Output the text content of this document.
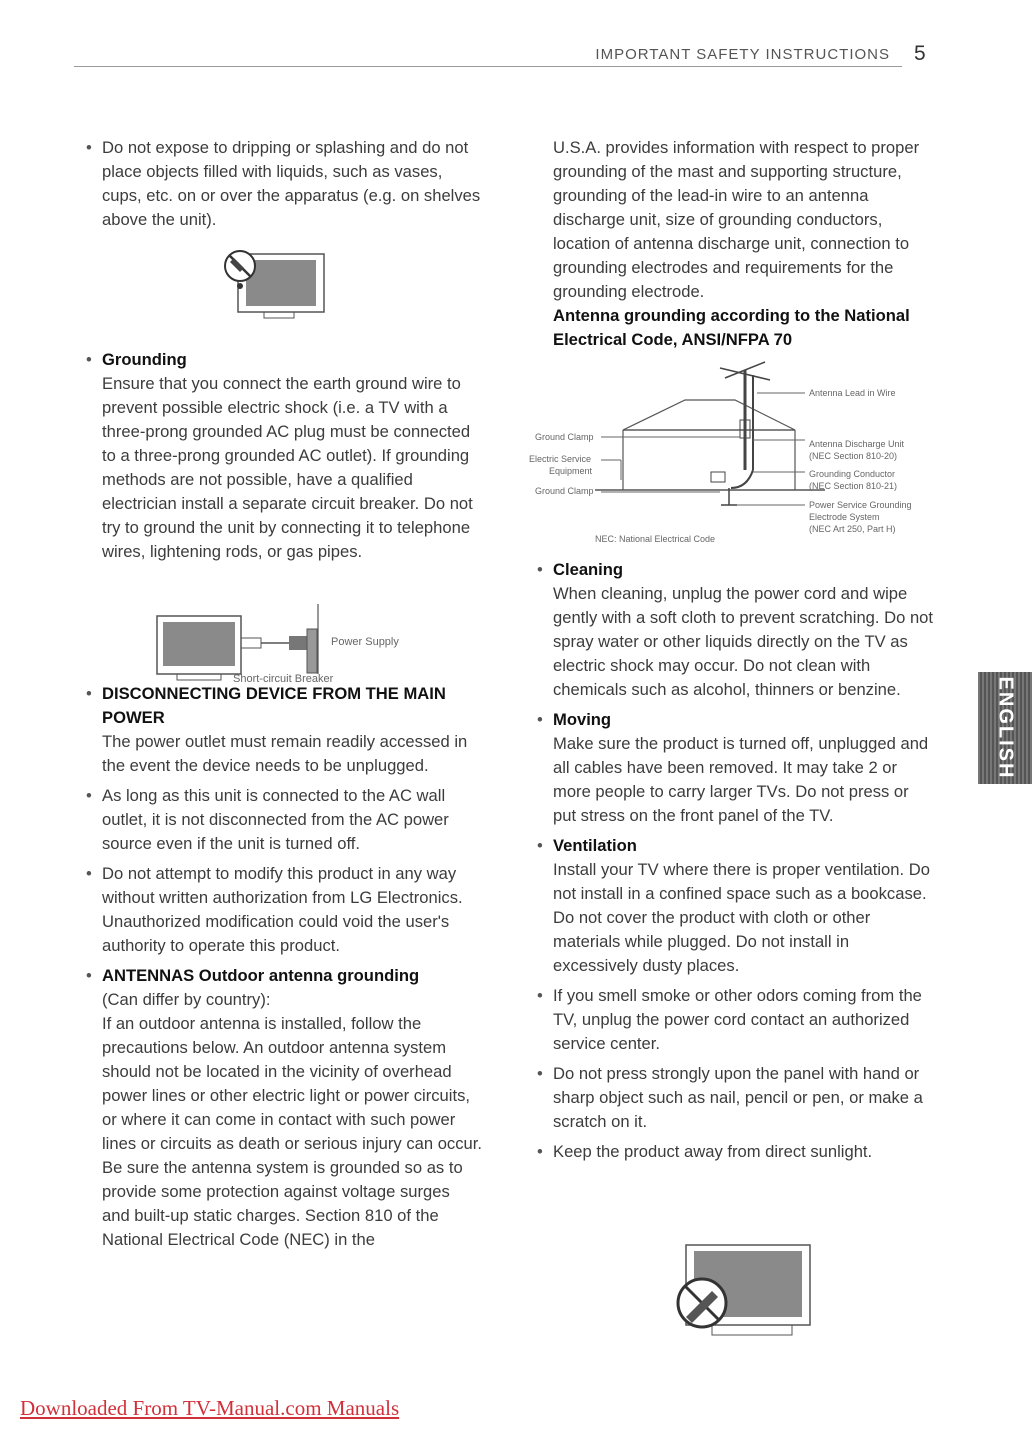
IMPORTANT SAFETY INSTRUCTIONS 5
• Do not expose to dripping or splashing and do not place objects filled with liquids, such as vases, cups, etc. on or over the apparatus (e.g. on shelves above the unit).

• Grounding

Ensure that you connect the earth ground wire to prevent possible electric shock (i.e. a TV with a three-prong grounded AC plug must be connected to a three-prong grounded AC outlet). If grounding methods are not possible, have a qualified electrician install a separate circuit breaker. Do not try to ground the unit by connecting it to telephone wires, lightening rods, or gas pipes.

• DISCONNECTING DEVICE FROM THE MAIN POWER

The power outlet must remain readily accessed in the event the device needs to be unplugged.

• As long as this unit is connected to the AC wall outlet, it is not disconnected from the AC power source even if the unit is turned off.

• Do not attempt to modify this product in any way without written authorization from LG Electronics. Unauthorized modification could void the user's authority to operate this product.

• ANTENNAS Outdoor antenna grounding

(Can differ by country):
If an outdoor antenna is installed, follow the precautions below. An outdoor antenna system should not be located in the vicinity of overhead power lines or other electric light or power circuits, or where it can come in contact with such power lines or circuits as death or serious injury can occur. Be sure the antenna system is grounded so as to provide some protection against voltage surges and built-up static charges. Section 810 of the National Electrical Code (NEC) in the

Power Supply
Short-circuit Breaker

U.S.A. provides information with respect to proper grounding of the mast and supporting structure, grounding of the lead-in wire to an antenna discharge unit, size of grounding conductors, location of antenna discharge unit, connection to grounding electrodes and requirements for the grounding electrode.

Antenna grounding according to the National Electrical Code, ANSI/NFPA 70

• Cleaning

When cleaning, unplug the power cord and wipe gently with a soft cloth to prevent scratching. Do not spray water or other liquids directly on the TV as electric shock may occur. Do not clean with chemicals such as alcohol, thinners or benzine.

• Moving

Make sure the product is turned off, unplugged and all cables have been removed. It may take 2 or more people to carry larger TVs. Do not press or put stress on the front panel of the TV.

• Ventilation

Install your TV where there is proper ventilation. Do not install in a confined space such as a bookcase. Do not cover the product with cloth or other materials while plugged. Do not install in excessively dusty places.

• If you smell smoke or other odors coming from the TV, unplug the power cord contact an authorized service center.

• Do not press strongly upon the panel with hand or sharp object such as nail, pencil or pen, or make a scratch on it.

• Keep the product away from direct sunlight.

Antenna Lead in Wire
Ground Clamp
Electric Service
Equipment
Ground Clamp
Antenna Discharge Unit
(NEC Section 810-20)
Grounding Conductor
(NEC Section 810-21)
Power Service Grounding
Electrode System
(NEC Art 250, Part H)
NEC: National Electrical Code
ENGLISH
Downloaded From TV-Manual.com Manuals
